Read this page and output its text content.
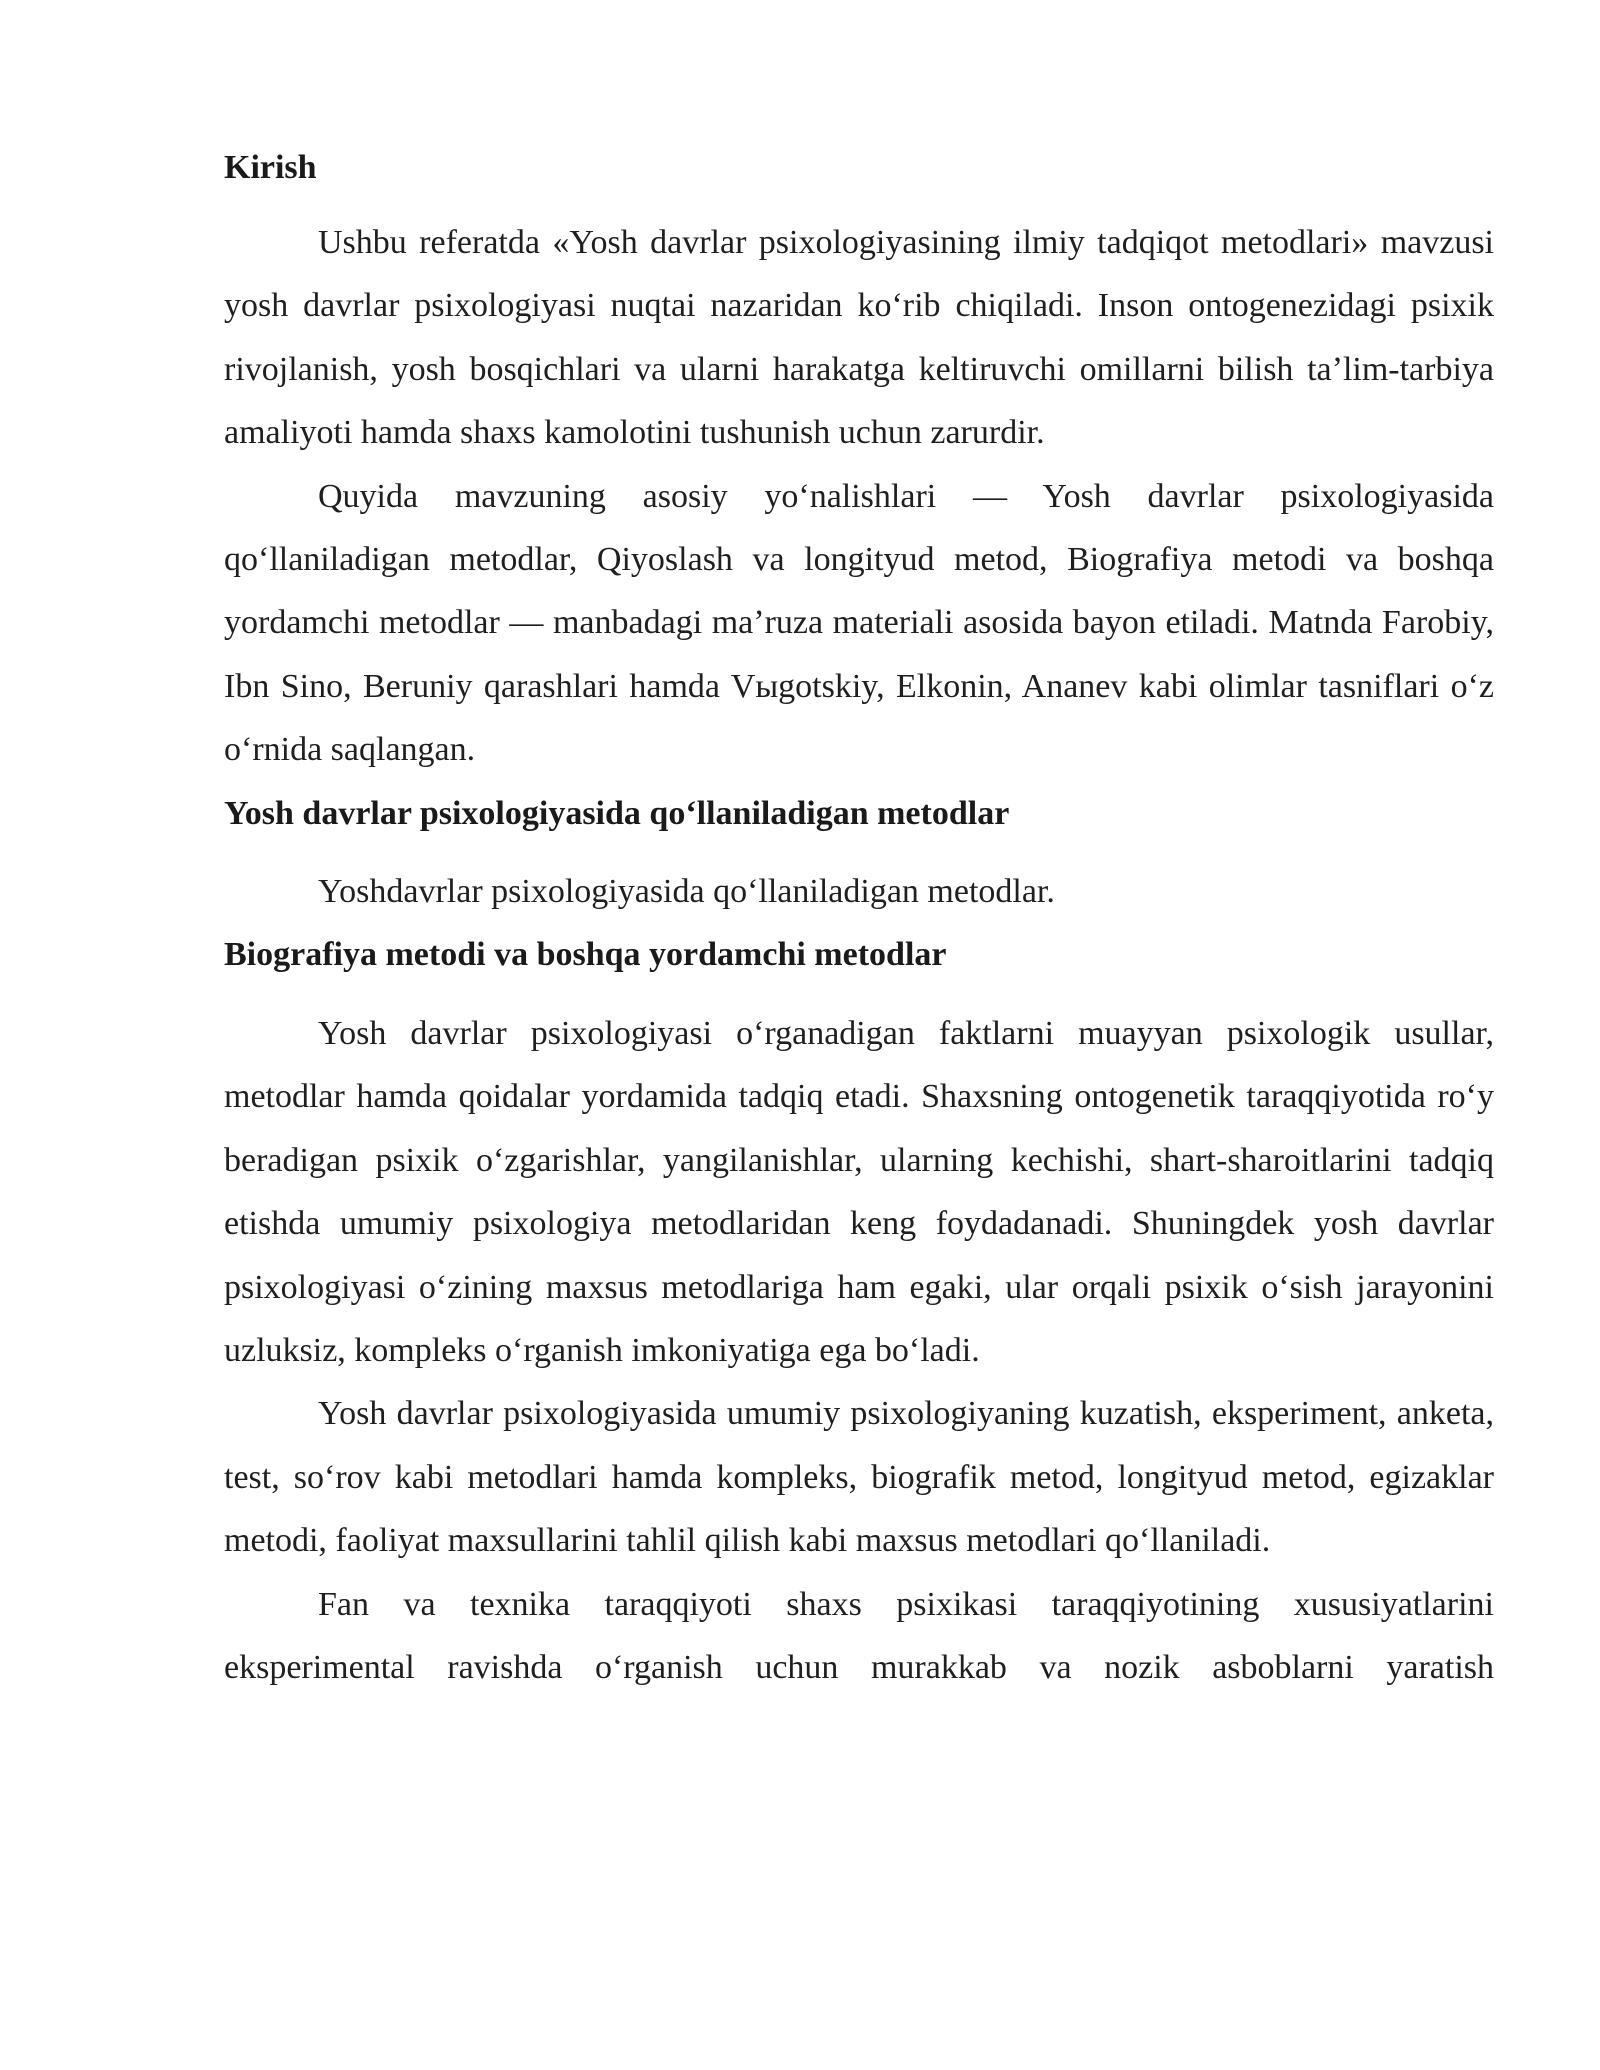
Kirish

Ushbu referatda «Yosh davrlar psixologiyasining ilmiy tadqiqot metodlari» mavzusi yosh davrlar psixologiyasi nuqtai nazaridan koʻrib chiqiladi. Inson ontogenezidagi psixik rivojlanish, yosh bosqichlari va ularni harakatga keltiruvchi omillarni bilish taʼlim-tarbiya amaliyoti hamda shaxs kamolotini tushunish uchun zarurdir.

Quyida mavzuning asosiy yoʻnalishlari — Yosh davrlar psixologiyasida qoʻllaniladigan metodlar, Qiyoslash va longityud metod, Biografiya metodi va boshqa yordamchi metodlar — manbadagi maʼruza materiali asosida bayon etiladi. Matnda Farobiy, Ibn Sino, Beruniy qarashlari hamda Vыgotskiy, Elkonin, Ananev kabi olimlar tasniflari oʻz oʻrnida saqlangan.

Yosh davrlar psixologiyasida qoʻllaniladigan metodlar

Yoshdavrlar psixologiyasida qoʻllaniladigan metodlar.

Biografiya metodi va boshqa yordamchi metodlar

Yosh davrlar psixologiyasi oʻrganadigan faktlarni muayyan psixologik usullar, metodlar hamda qoidalar yordamida tadqiq etadi. Shaxsning ontogenetik taraqqiyotida roʻy beradigan psixik oʻzgarishlar, yangilanishlar, ularning kechishi, shart-sharoitlarini tadqiq etishda umumiy psixologiya metodlaridan keng foydadanadi. Shuningdek yosh davrlar psixologiyasi oʻzining maxsus metodlariga ham egaki, ular orqali psixik oʻsish jarayonini uzluksiz, kompleks oʻrganish imkoniyatiga ega boʻladi.

Yosh davrlar psixologiyasida umumiy psixologiyaning kuzatish, eksperiment, anketa, test, soʻrov kabi metodlari hamda kompleks, biografik metod, longityud metod, egizaklar metodi, faoliyat maxsullarini tahlil qilish kabi maxsus metodlari qoʻllaniladi.

Fan va texnika taraqqiyoti shaxs psixikasi taraqqiyotining xususiyatlarini eksperimental ravishda oʻrganish uchun murakkab va nozik asboblarni yaratish
